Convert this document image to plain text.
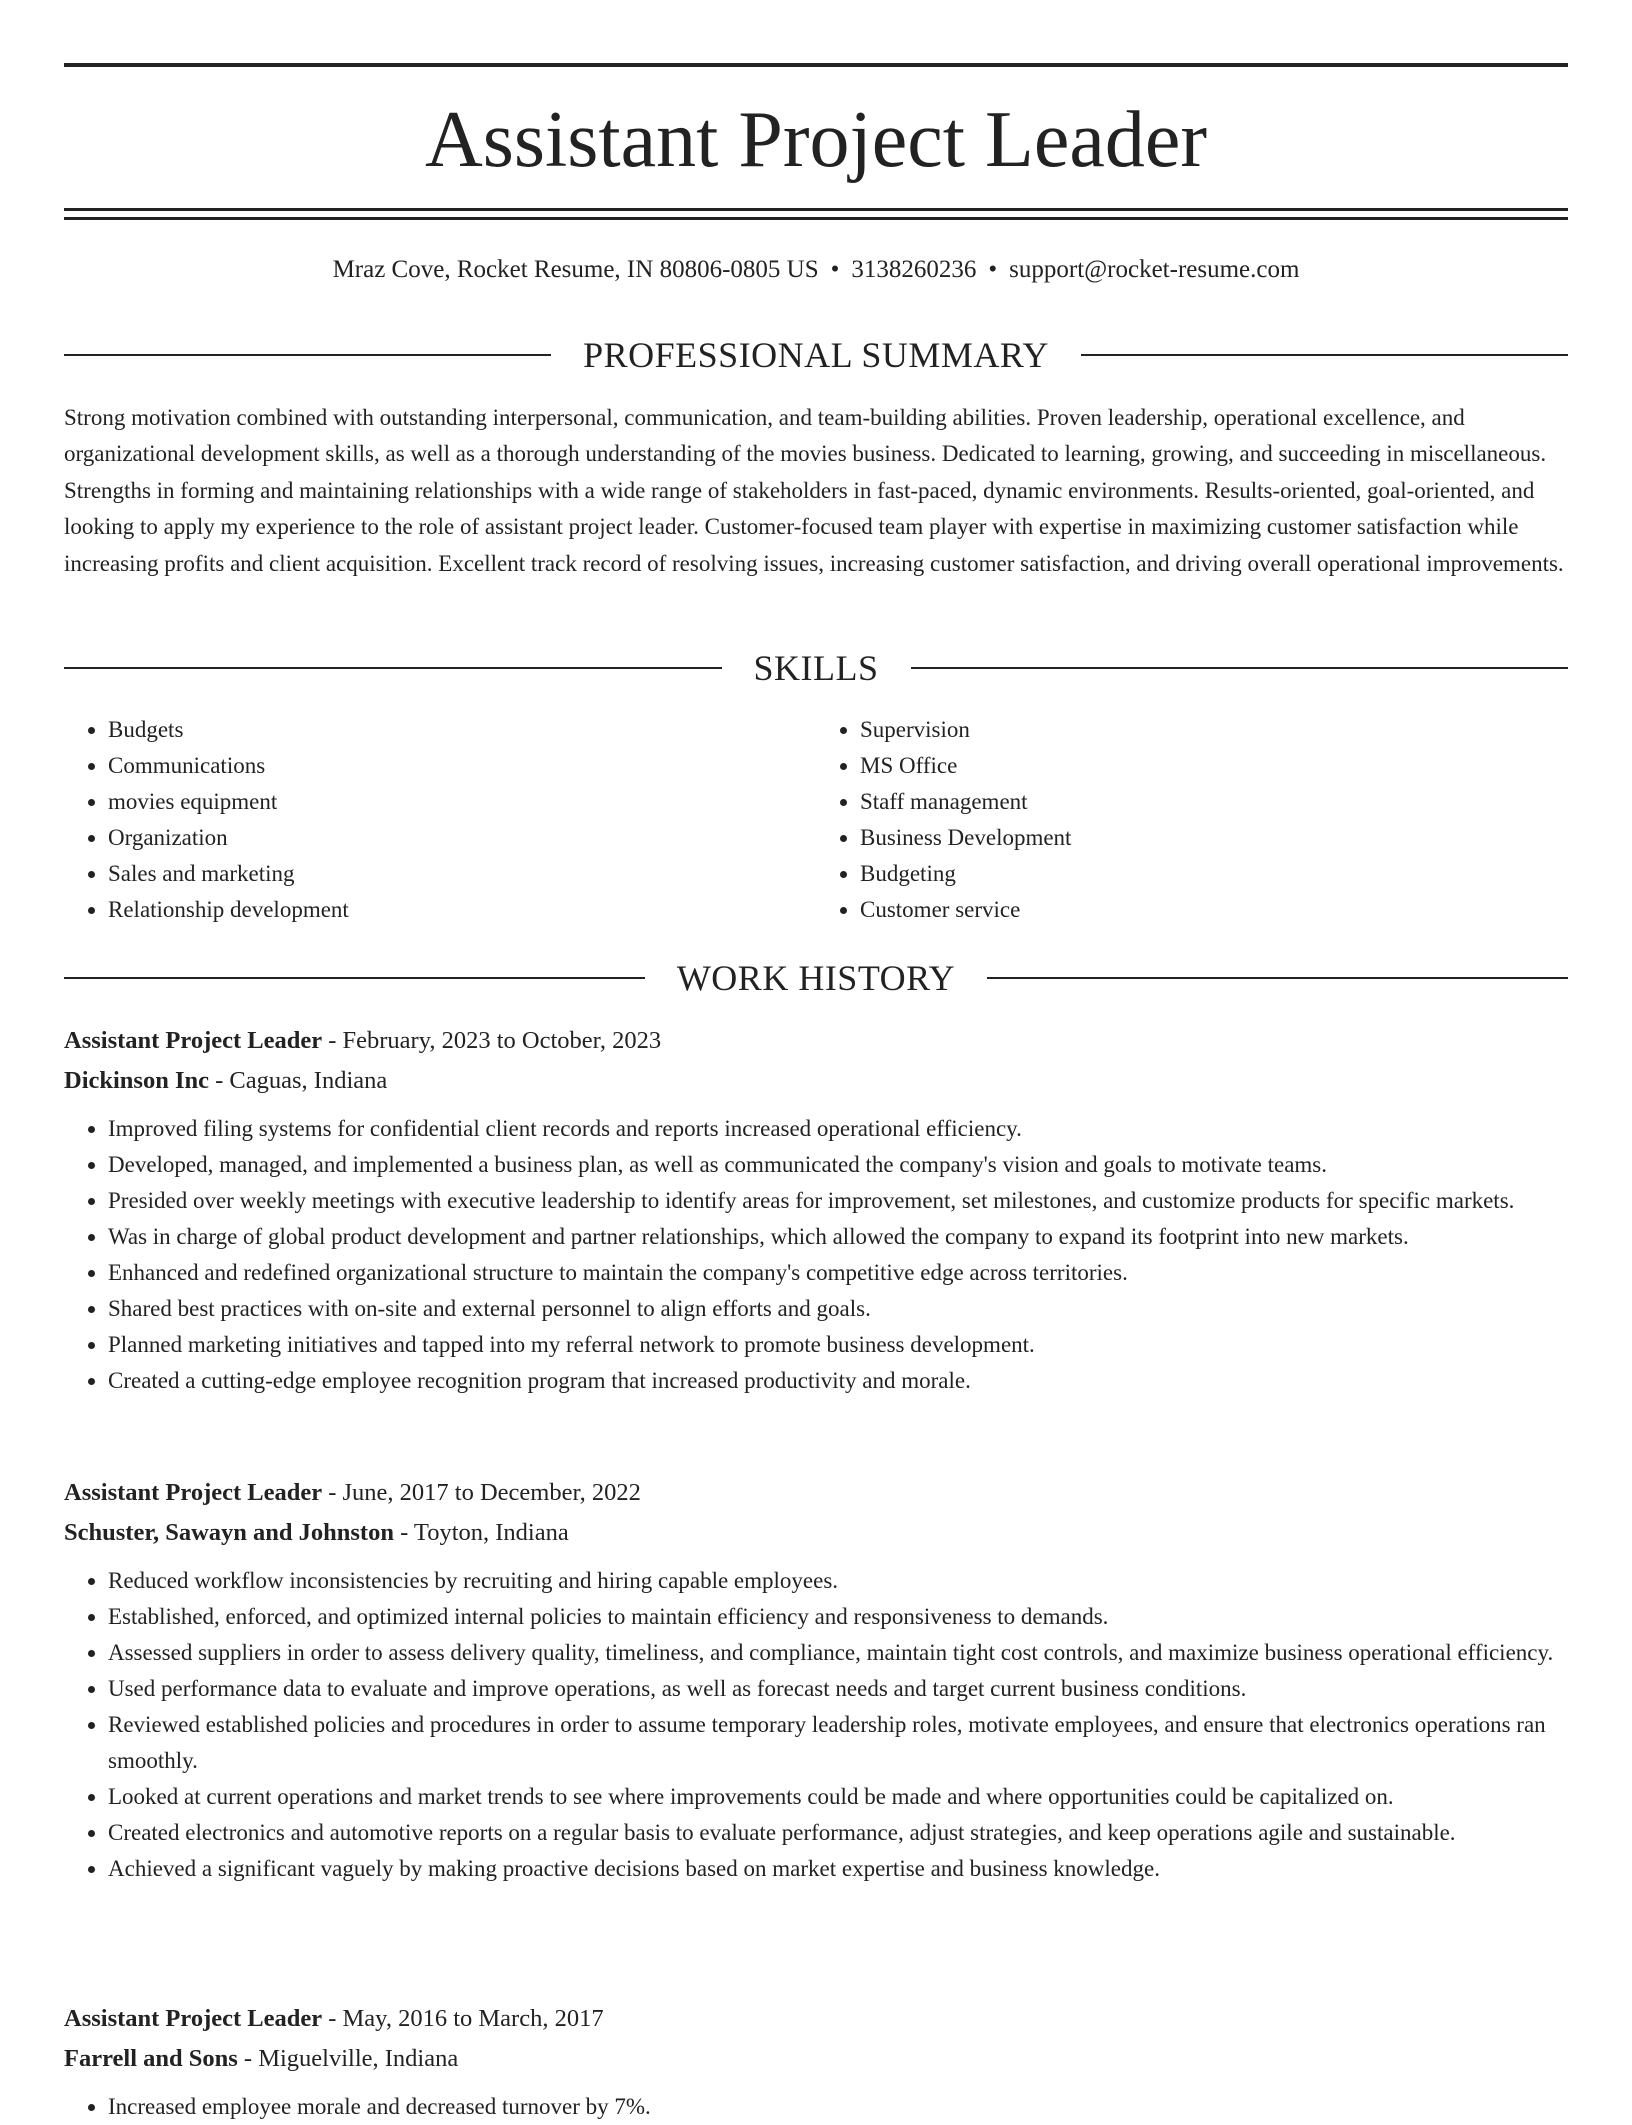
Assistant Project Leader
Mraz Cove, Rocket Resume, IN 80806-0805 US • 3138260236 • support@rocket-resume.com
PROFESSIONAL SUMMARY

Strong motivation combined with outstanding interpersonal, communication, and team-building abilities. Proven leadership, operational excellence, and organizational development skills, as well as a thorough understanding of the movies business. Dedicated to learning, growing, and succeeding in miscellaneous. Strengths in forming and maintaining relationships with a wide range of stakeholders in fast-paced, dynamic environments. Results-oriented, goal-oriented, and looking to apply my experience to the role of assistant project leader. Customer-focused team player with expertise in maximizing customer satisfaction while increasing profits and client acquisition. Excellent track record of resolving issues, increasing customer satisfaction, and driving overall operational improvements.

SKILLS
• Budgets
• Communications
• movies equipment
• Organization
• Sales and marketing
• Relationship development
• Supervision
• MS Office
• Staff management
• Business Development
• Budgeting
• Customer service
WORK HISTORY
Assistant Project Leader - February, 2023 to October, 2023
Dickinson Inc - Caguas, Indiana
• Improved filing systems for confidential client records and reports increased operational efficiency.
• Developed, managed, and implemented a business plan, as well as communicated the company's vision and goals to motivate teams.
• Presided over weekly meetings with executive leadership to identify areas for improvement, set milestones, and customize products for specific markets.
• Was in charge of global product development and partner relationships, which allowed the company to expand its footprint into new markets.
• Enhanced and redefined organizational structure to maintain the company's competitive edge across territories.
• Shared best practices with on-site and external personnel to align efforts and goals.
• Planned marketing initiatives and tapped into my referral network to promote business development.
• Created a cutting-edge employee recognition program that increased productivity and morale.
Assistant Project Leader - June, 2017 to December, 2022
Schuster, Sawayn and Johnston - Toyton, Indiana
• Reduced workflow inconsistencies by recruiting and hiring capable employees.
• Established, enforced, and optimized internal policies to maintain efficiency and responsiveness to demands.
• Assessed suppliers in order to assess delivery quality, timeliness, and compliance, maintain tight cost controls, and maximize business operational efficiency.
• Used performance data to evaluate and improve operations, as well as forecast needs and target current business conditions.
• Reviewed established policies and procedures in order to assume temporary leadership roles, motivate employees, and ensure that electronics operations ran smoothly.
• Looked at current operations and market trends to see where improvements could be made and where opportunities could be capitalized on.
• Created electronics and automotive reports on a regular basis to evaluate performance, adjust strategies, and keep operations agile and sustainable.
• Achieved a significant vaguely by making proactive decisions based on market expertise and business knowledge.
Assistant Project Leader - May, 2016 to March, 2017
Farrell and Sons - Miguelville, Indiana
• Increased employee morale and decreased turnover by 7%.
